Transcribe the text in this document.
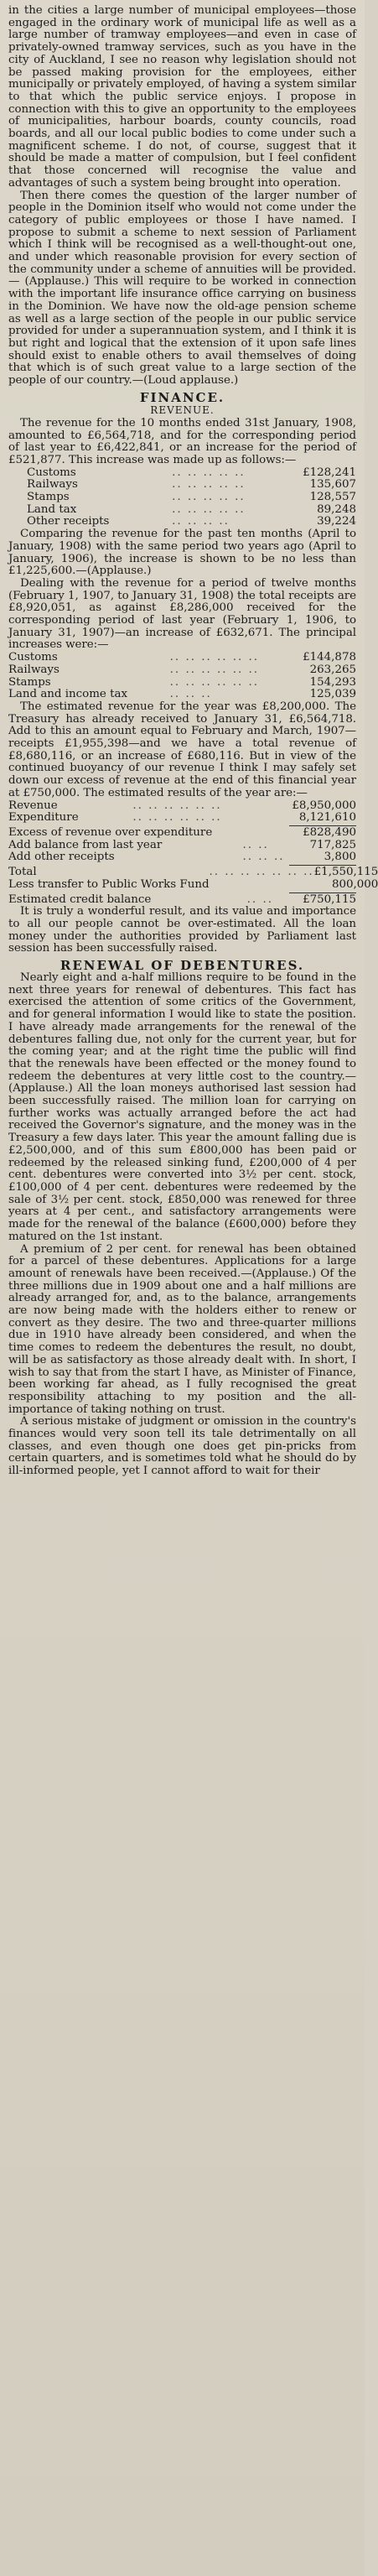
in the cities a large number of municipal employees—those engaged in the ordinary work of municipal life as well as a large number of tramway employees—and even in case of privately-owned tramway services, such as you have in the city of Auckland, I see no reason why legislation should not be passed making provision for the employees, either municipally or privately employed, of having a system similar to that which the public service enjoys. I propose in connection with this to give an opportunity to the employees of municipalities, harbour boards, county councils, road boards, and all our local public bodies to come under such a magnificent scheme. I do not, of course, suggest that it should be made a matter of compulsion, but I feel confident that those concerned will recognise the value and advantages of such a system being brought into operation.

Then there comes the question of the larger number of people in the Dominion itself who would not come under the category of public employees or those I have named. I propose to submit a scheme to next session of Parliament which I think will be recognised as a well-thought-out one, and under which reasonable provision for every section of the community under a scheme of annuities will be provided.— (Applause.) This will require to be worked in connection with the important life insurance office carrying on business in the Dominion. We have now the old-age pension scheme as well as a large section of the people in our public service provided for under a superannuation system, and I think it is but right and logical that the extension of it upon safe lines should exist to enable others to avail themselves of doing that which is of such great value to a large section of the people of our country.—(Loud applause.)

FINANCE.
REVENUE.

The revenue for the 10 months ended 31st January, 1908, amounted to £6,564,718, and for the corresponding period of last year to £6,422,841, or an increase for the period of £521,877. This increase was made up as follows:—

Customs	.. .. .. .. ..	£128,241
Railways	.. .. .. .. ..	135,607
Stamps	.. .. .. .. ..	128,557
Land tax	.. .. .. .. ..	89,248
Other receipts	.. .. .. ..	39,224

Comparing the revenue for the past ten months (April to January, 1908) with the same period two years ago (April to January, 1906), the increase is shown to be no less than £1,225,600.—(Applause.)

Dealing with the revenue for a period of twelve months (February 1, 1907, to January 31, 1908) the total receipts are £8,920,051, as against £8,286,000 received for the corresponding period of last year (February 1, 1906, to January 31, 1907)—an increase of £632,671. The principal increases were:—

Customs	.. .. .. .. .. ..	£144,878
Railways	.. .. .. .. .. ..	263,265
Stamps	.. .. .. .. .. ..	154,293
Land and income tax	.. .. ..	125,039

The estimated revenue for the year was £8,200,000. The Treasury has already received to January 31, £6,564,718. Add to this an amount equal to February and March, 1907—receipts £1,955,398—and we have a total revenue of £8,680,116, or an increase of £680,116. But in view of the continued buoyancy of our revenue I think I may safely set down our excess of revenue at the end of this financial year at £750,000. The estimated results of the year are:—

Revenue	.. .. .. .. .. ..	£8,950,000
Expenditure	.. .. .. .. .. ..	8,121,610
Excess of revenue over expenditure		£828,490
Add balance from last year	.. ..	717,825
Add other receipts	.. .. ..	3,800
Total	.. .. .. .. .. .. ..	£1,550,115
Less transfer to Public Works Fund		800,000
Estimated credit balance	.. ..	£750,115

It is truly a wonderful result, and its value and importance to all our people cannot be over-estimated. All the loan money under the authorities provided by Parliament last session has been successfully raised.

RENEWAL OF DEBENTURES.

Nearly eight and a-half millions require to be found in the next three years for renewal of debentures. This fact has exercised the attention of some critics of the Government, and for general information I would like to state the position. I have already made arrangements for the renewal of the debentures falling due, not only for the current year, but for the coming year; and at the right time the public will find that the renewals have been effected or the money found to redeem the debentures at very little cost to the country.—(Applause.) All the loan moneys authorised last session had been successfully raised. The million loan for carrying on further works was actually arranged before the act had received the Governor's signature, and the money was in the Treasury a few days later. This year the amount falling due is £2,500,000, and of this sum £800,000 has been paid or redeemed by the released sinking fund, £200,000 of 4 per cent. debentures were converted into 3½ per cent. stock, £100,000 of 4 per cent. debentures were redeemed by the sale of 3½ per cent. stock, £850,000 was renewed for three years at 4 per cent., and satisfactory arrangements were made for the renewal of the balance (£600,000) before they matured on the 1st instant.

A premium of 2 per cent. for renewal has been obtained for a parcel of these debentures. Applications for a large amount of renewals have been received.—(Applause.) Of the three millions due in 1909 about one and a half millions are already arranged for, and, as to the balance, arrangements are now being made with the holders either to renew or convert as they desire. The two and three-quarter millions due in 1910 have already been considered, and when the time comes to redeem the debentures the result, no doubt, will be as satisfactory as those already dealt with. In short, I wish to say that from the start I have, as Minister of Finance, been working far ahead, as I fully recognised the great responsibility attaching to my position and the all-importance of taking nothing on trust.

A serious mistake of judgment or omission in the country's finances would very soon tell its tale detrimentally on all classes, and even though one does get pin-pricks from certain quarters, and is sometimes told what he should do by ill-informed people, yet I cannot afford to wait for their
